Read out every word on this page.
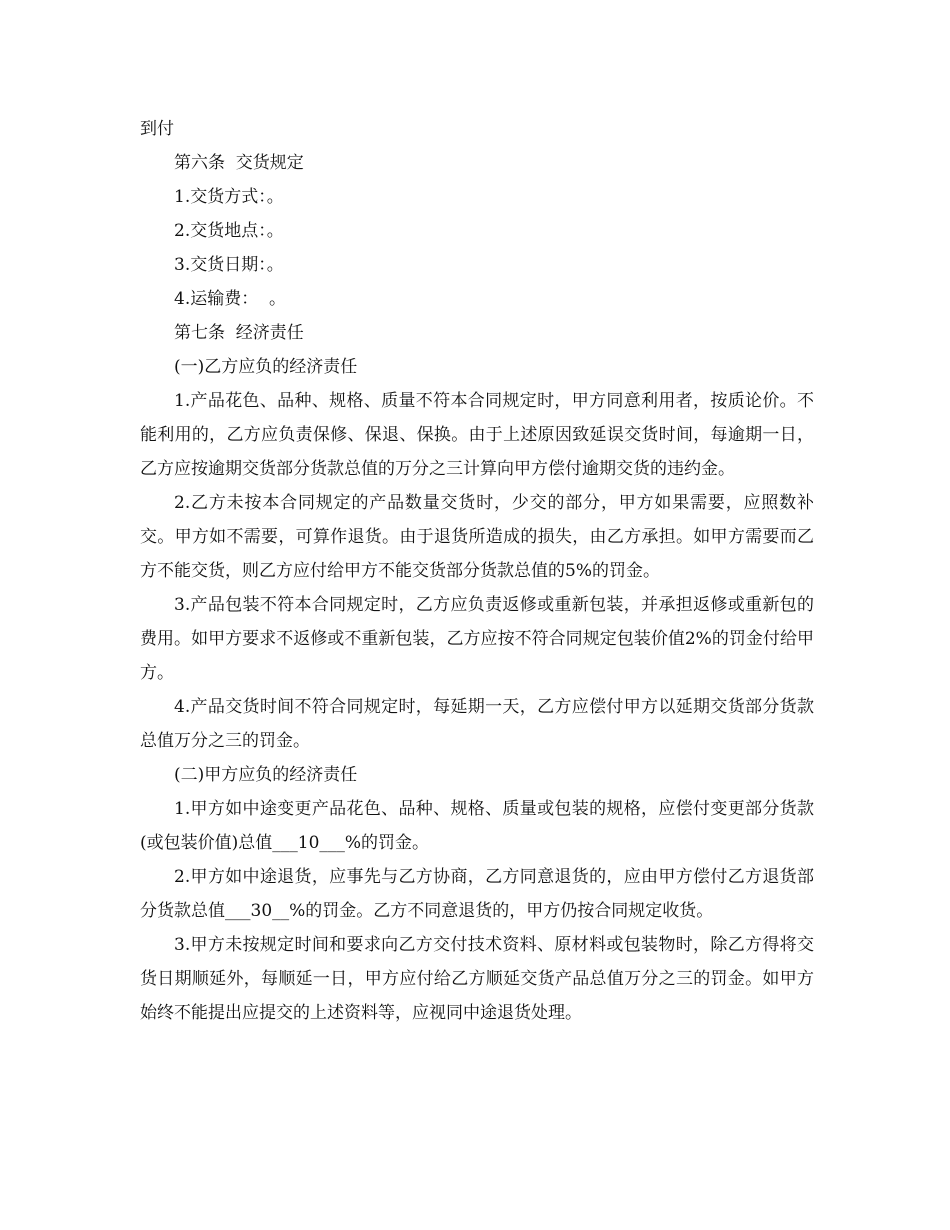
到付

第六条  交货规定

1.交货方式：。

2.交货地点：。

3.交货日期：。

4.运输费：  。

第七条  经济责任

(一)乙方应负的经济责任

1.产品花色、品种、规格、质量不符本合同规定时，甲方同意利用者，按质论价。不能利用的，乙方应负责保修、保退、保换。由于上述原因致延误交货时间，每逾期一日，乙方应按逾期交货部分货款总值的万分之三计算向甲方偿付逾期交货的违约金。

2.乙方未按本合同规定的产品数量交货时，少交的部分，甲方如果需要，应照数补交。甲方如不需要，可算作退货。由于退货所造成的损失，由乙方承担。如甲方需要而乙方不能交货，则乙方应付给甲方不能交货部分货款总值的5%的罚金。

3.产品包装不符本合同规定时，乙方应负责返修或重新包装，并承担返修或重新包的费用。如甲方要求不返修或不重新包装，乙方应按不符合同规定包装价值2%的罚金付给甲方。

4.产品交货时间不符合同规定时，每延期一天，乙方应偿付甲方以延期交货部分货款总值万分之三的罚金。

(二)甲方应负的经济责任

1.甲方如中途变更产品花色、品种、规格、质量或包装的规格，应偿付变更部分货款(或包装价值)总值___10___%的罚金。

2.甲方如中途退货，应事先与乙方协商，乙方同意退货的，应由甲方偿付乙方退货部分货款总值___30__%的罚金。乙方不同意退货的，甲方仍按合同规定收货。

3.甲方未按规定时间和要求向乙方交付技术资料、原材料或包装物时，除乙方得将交货日期顺延外，每顺延一日，甲方应付给乙方顺延交货产品总值万分之三的罚金。如甲方始终不能提出应提交的上述资料等，应视同中途退货处理。
